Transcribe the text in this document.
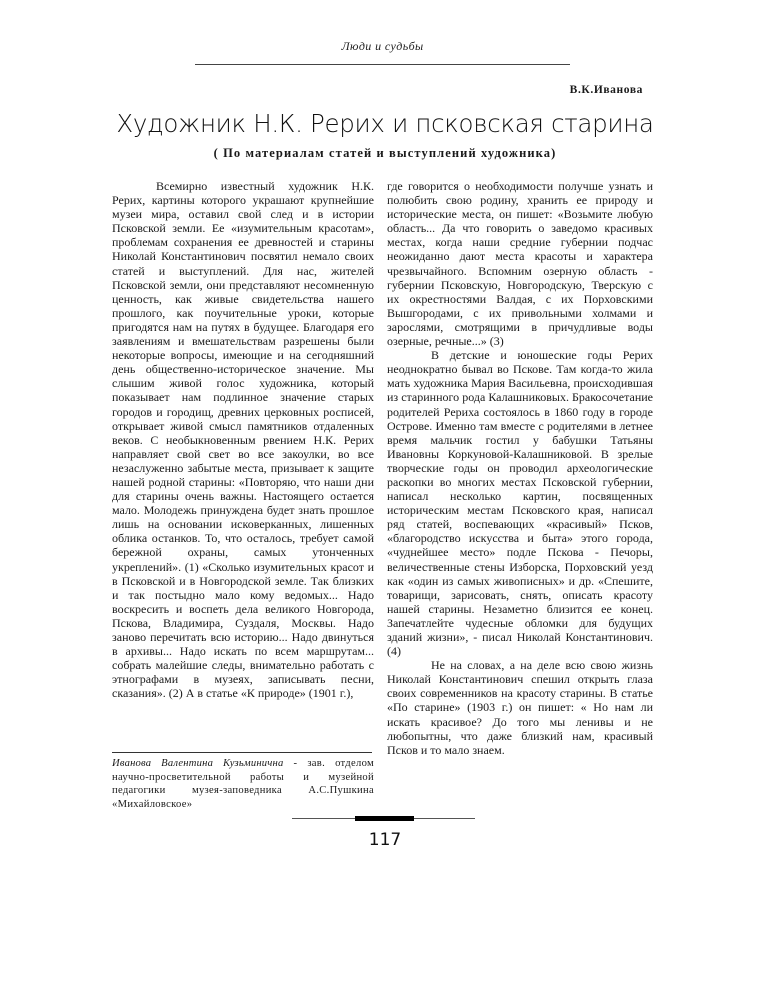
Люди и судьбы
В.К.Иванова
Художник Н.К. Рерих и псковская старина
( По материалам статей и выступлений художника)

Всемирно известный художник Н.К. Рерих, картины которого украшают крупнейшие музеи мира, оставил свой след и в истории Псковской земли. Ее «изумительным красотам», проблемам сохранения ее древностей и старины Николай Константинович посвятил немало своих статей и выступлений. Для нас, жителей Псковской земли, они представляют несомненную ценность, как живые свидетельства нашего прошлого, как поучительные уроки, которые пригодятся нам на путях в будущее. Благодаря его заявлениям и вмешательствам разрешены были некоторые вопросы, имеющие и на сегодняшний день общественно-историческое значение. Мы слышим живой голос художника, который показывает нам подлинное значение старых городов и городищ, древних церковных росписей, открывает живой смысл памятников отдаленных веков. С необыкновенным рвением Н.К. Рерих направляет свой свет во все закоулки, во все незаслуженно забытые места, призывает к защите нашей родной старины: «Повторяю, что наши дни для старины очень важны. Настоящего остается мало. Молодежь принуждена будет знать прошлое лишь на основании исковерканных, лишенных облика останков. То, что осталось, требует самой бережной охраны, самых утонченных укреплений». (1) «Сколько изумительных красот и в Псковской и в Новгородской земле. Так близких и так постыдно мало кому ведомых... Надо воскресить и воспеть дела великого Новгорода, Пскова, Владимира, Суздаля, Москвы. Надо заново перечитать всю историю... Надо двинуться в архивы... Надо искать по всем маршрутам... собрать малейшие следы, внимательно работать с этнографами в музеях, записывать песни, сказания». (2) А в статье «К природе» (1901 г.),

где говорится о необходимости получше узнать и полюбить свою родину, хранить ее природу и исторические места, он пишет: «Возьмите любую область... Да что говорить о заведомо красивых местах, когда наши средние губернии подчас неожиданно дают места красоты и характера чрезвычайного. Вспомним озерную область - губернии Псковскую, Новгородскую, Тверскую с их окрестностями Валдая, с их Порховскими Вышгородами, с их привольными холмами и зарослями, смотрящими в причудливые воды озерные, речные...» (3)

В детские и юношеские годы Рерих неоднократно бывал во Пскове. Там когда-то жила мать художника Мария Васильевна, происходившая из старинного рода Калашниковых. Бракосочетание родителей Рериха состоялось в 1860 году в городе Острове. Именно там вместе с родителями в летнее время мальчик гостил у бабушки Татьяны Ивановны Коркуновой-Калашниковой. В зрелые творческие годы он проводил археологические раскопки во многих местах Псковской губернии, написал несколько картин, посвященных историческим местам Псковского края, написал ряд статей, воспевающих «красивый» Псков, «благородство искусства и быта» этого города, «чуднейшее место» подле Пскова - Печоры, величественные стены Изборска, Порховский уезд как «один из самых живописных» и др. «Спешите, товарищи, зарисовать, снять, описать красоту нашей старины. Незаметно близится ее конец. Запечатлейте чудесные обломки для будущих зданий жизни», - писал Николай Константинович. (4)

Не на словах, а на деле всю свою жизнь Николай Константинович спешил открыть глаза своих современников на красоту старины. В статье «По старине» (1903 г.) он пишет: « Но нам ли искать красивое? До того мы ленивы и не любопытны, что даже близкий нам, красивый Псков и то мало знаем.

Иванова Валентина Кузьминична - зав. отделом научно-просветительной работы и музейной педагогики музея-заповедника А.С.Пушкина «Михайловское»
117
